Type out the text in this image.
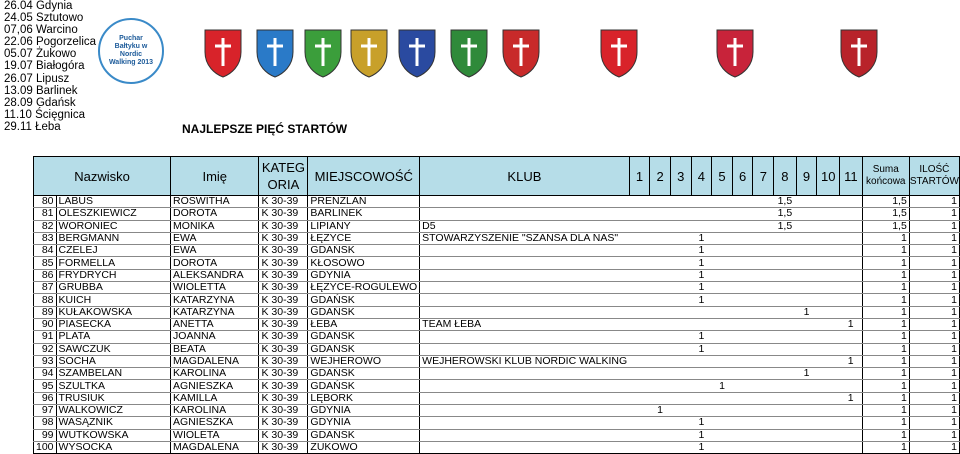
26.04 Gdynia
24.05 Sztutowo
07,06 Warcino
22.06 Pogorzelica
05.07 Żukowo
19.07 Białogóra
26.07 Lipusz
13.09 Barlinek
28.09 Gdańsk
11.10 Ścięgnica
29.11 Łeba	NAJLEPSZE PIĘĆ STARTÓW
Puchar Bałtyku w Nordic Walking 2013
Nazwisko		Imię	KATEGORIA	MIEJSCOWOŚĆ	KLUB	1	2	3	4	5	6	7	8	9	10	11	Suma końcowa	ILOŚĆ STARTÓW
80	LABUS	ROSWITHA	K 30-39	PRENZLAN									1,5				1,5	1
81	OLESZKIEWICZ	DOROTA	K 30-39	BARLINEK									1,5				1,5	1
82	WORONIEC	MONIKA	K 30-39	LIPIANY	D5								1,5				1,5	1
83	BERGMANN	EWA	K 30-39	ŁĘŻYCE	STOWARZYSZENIE "SZANSA DLA NAS"				1								1	1
84	CZELEJ	EWA	K 30-39	GDAŃSK					1								1	1
85	FORMELLA	DOROTA	K 30-39	KŁOSOWO					1								1	1
86	FRYDRYCH	ALEKSANDRA	K 30-39	GDYNIA					1								1	1
87	GRUBBA	WIOLETTA	K 30-39	ŁĘŻYCE-ROGULEWO					1								1	1
88	KUICH	KATARZYNA	K 30-39	GDAŃSK					1								1	1
89	KUŁAKOWSKA	KATARZYNA	K 30-39	GDAŃSK										1			1	1
90	PIASECKA	ANETTA	K 30-39	ŁEBA	TEAM ŁEBA											1	1	1
91	PLATA	JOANNA	K 30-39	GDAŃSK					1								1	1
92	SAWCZUK	BEATA	K 30-39	GDAŃSK					1								1	1
93	SOCHA	MAGDALENA	K 30-39	WEJHEROWO	WEJHEROWSKI KLUB NORDIC WALKING											1	1	1
94	SZAMBELAN	KAROLINA	K 30-39	GDAŃSK										1			1	1
95	SZULTKA	AGNIESZKA	K 30-39	GDAŃSK						1							1	1
96	TRUSIUK	KAMILLA	K 30-39	LĘBORK												1	1	1
97	WALKOWICZ	KAROLINA	K 30-39	GDYNIA			1										1	1
98	WASĄŻNIK	AGNIESZKA	K 30-39	GDYNIA					1								1	1
99	WUTKOWSKA	WIOLETA	K 30-39	GDAŃSK					1								1	1
100	WYSOCKA	MAGDALENA	K 30-39	ŻUKOWO					1								1	1
